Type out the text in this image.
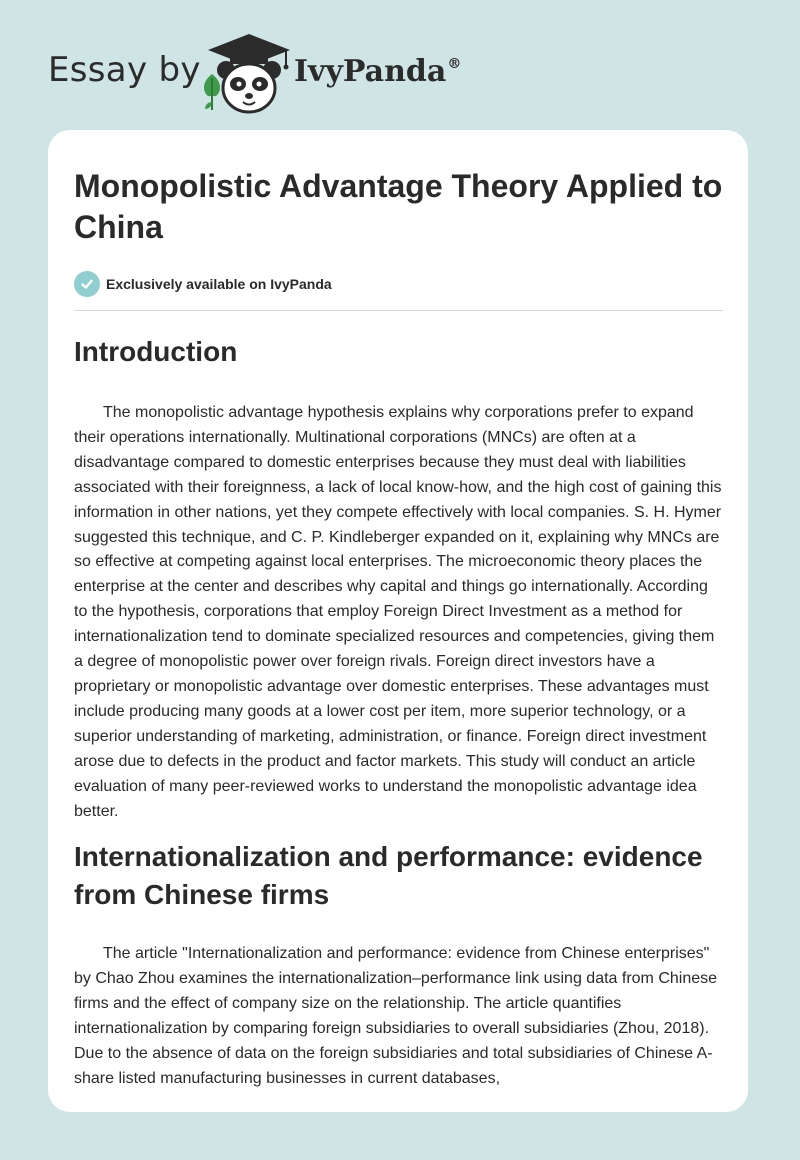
Essay by	IvyPanda®
Monopolistic Advantage Theory Applied to China
Exclusively available on IvyPanda
Introduction

The monopolistic advantage hypothesis explains why corporations prefer to expand their operations internationally. Multinational corporations (MNCs) are often at a disadvantage compared to domestic enterprises because they must deal with liabilities associated with their foreignness, a lack of local know-how, and the high cost of gaining this information in other nations, yet they compete effectively with local companies. S. H. Hymer suggested this technique, and C. P. Kindleberger expanded on it, explaining why MNCs are so effective at competing against local enterprises. The microeconomic theory places the enterprise at the center and describes why capital and things go internationally. According to the hypothesis, corporations that employ Foreign Direct Investment as a method for internationalization tend to dominate specialized resources and competencies, giving them a degree of monopolistic power over foreign rivals. Foreign direct investors have a proprietary or monopolistic advantage over domestic enterprises. These advantages must include producing many goods at a lower cost per item, more superior technology, or a superior understanding of marketing, administration, or finance. Foreign direct investment arose due to defects in the product and factor markets. This study will conduct an article evaluation of many peer-reviewed works to understand the monopolistic advantage idea better.

Internationalization and performance: evidence from Chinese firms

The article "Internationalization and performance: evidence from Chinese enterprises" by Chao Zhou examines the internationalization–performance link using data from Chinese firms and the effect of company size on the relationship. The article quantifies internationalization by comparing foreign subsidiaries to overall subsidiaries (Zhou, 2018). Due to the absence of data on the foreign subsidiaries and total subsidiaries of Chinese A-share listed manufacturing businesses in current databases,
